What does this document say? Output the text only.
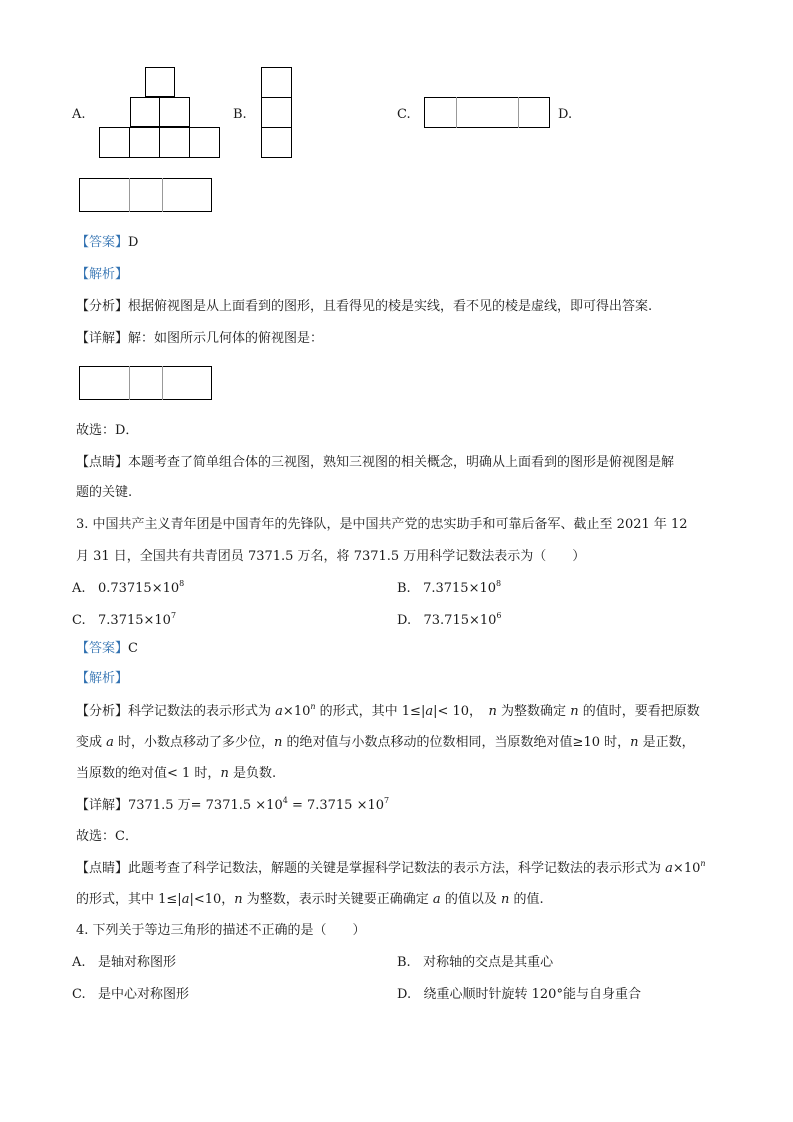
A.	B.	C.	D.
【答案】D
【解析】
【分析】根据俯视图是从上面看到的图形，且看得见的棱是实线，看不见的棱是虚线，即可得出答案.
【详解】解：如图所示几何体的俯视图是：
故选：D．
【点睛】本题考查了简单组合体的三视图，熟知三视图的相关概念，明确从上面看到的图形是俯视图是解
题的关键.
3. 中国共产主义青年团是中国青年的先锋队，是中国共产党的忠实助手和可靠后备军、截止至 2021 年 12
月 31 日，全国共有共青团员 7371.5 万名，将 7371.5 万用科学记数法表示为（　　）
A. $0.73715\times 10^8$	B. $7.3715\times 10^8$
C. $7.3715\times 10^7$	D. $73.715\times 10^6$
【答案】C
【解析】
【分析】科学记数法的表示形式为 $a\times 10^n$ 的形式，其中 1≤|a|< 10，　n 为整数确定 n 的值时，要看把原数
变成 a 时，小数点移动了多少位，n 的绝对值与小数点移动的位数相同，当原数绝对值≥10 时，n 是正数，
当原数的绝对值< 1 时，n 是负数.
【详解】7371.5 万= $7371.5 \times 10^4 = 7.3715 \times 10^7$
故选：C．
【点睛】此题考查了科学记数法，解题的关键是掌握科学记数法的表示方法，科学记数法的表示形式为 $a\times 10^n$
的形式，其中 1≤|a|<10，n 为整数，表示时关键要正确确定 a 的值以及 n 的值.
4. 下列关于等边三角形的描述不正确的是（　　）
A. 是轴对称图形	B. 对称轴的交点是其重心
C. 是中心对称图形	D. 绕重心顺时针旋转 120°能与自身重合
